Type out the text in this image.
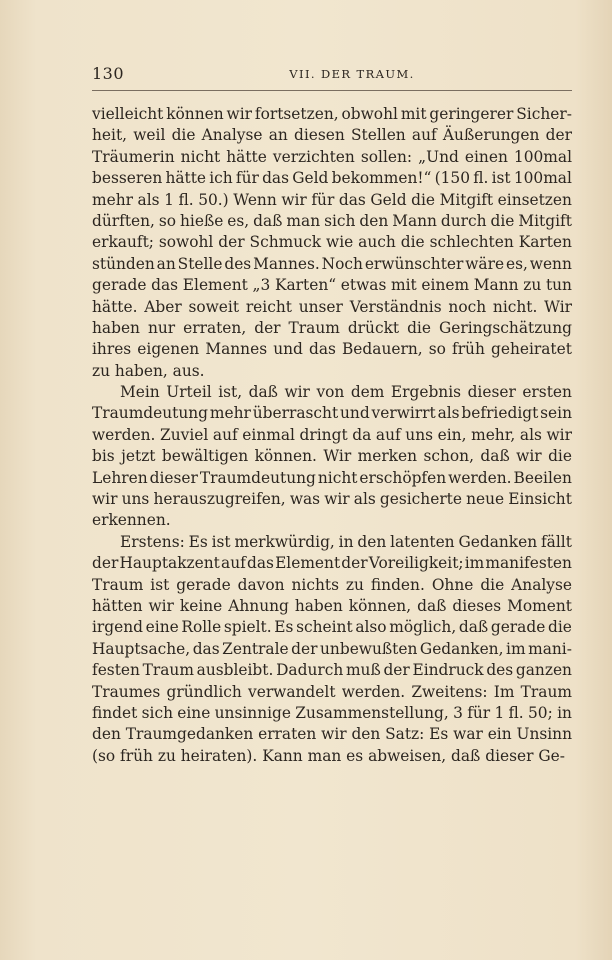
130	VII. DER TRAUM.
vielleicht können wir fortsetzen, obwohl mit geringerer Sicher-
heit, weil die Analyse an diesen Stellen auf Äußerungen der
Träumerin nicht hätte verzichten sollen: „Und einen 100mal
besseren hätte ich für das Geld bekommen!“ (150 fl. ist 100mal
mehr als 1 fl. 50.) Wenn wir für das Geld die Mitgift einsetzen
dürften, so hieße es, daß man sich den Mann durch die Mitgift
erkauft; sowohl der Schmuck wie auch die schlechten Karten
stünden an Stelle des Mannes. Noch erwünschter wäre es, wenn
gerade das Element „3 Karten“ etwas mit einem Mann zu tun
hätte. Aber soweit reicht unser Verständnis noch nicht. Wir
haben nur erraten, der Traum drückt die Geringschätzung
ihres eigenen Mannes und das Bedauern, so früh geheiratet
zu haben, aus.
Mein Urteil ist, daß wir von dem Ergebnis dieser ersten
Traumdeutung mehr überrascht und verwirrt als befriedigt sein
werden. Zuviel auf einmal dringt da auf uns ein, mehr, als wir
bis jetzt bewältigen können. Wir merken schon, daß wir die
Lehren dieser Traumdeutung nicht erschöpfen werden. Beeilen
wir uns herauszugreifen, was wir als gesicherte neue Einsicht
erkennen.
Erstens: Es ist merkwürdig, in den latenten Gedanken fällt
der Hauptakzent auf das Element der Voreiligkeit; im manifesten
Traum ist gerade davon nichts zu finden. Ohne die Analyse
hätten wir keine Ahnung haben können, daß dieses Moment
irgend eine Rolle spielt. Es scheint also möglich, daß gerade die
Hauptsache, das Zentrale der unbewußten Gedanken, im mani-
festen Traum ausbleibt. Dadurch muß der Eindruck des ganzen
Traumes gründlich verwandelt werden. Zweitens: Im Traum
findet sich eine unsinnige Zusammenstellung, 3 für 1 fl. 50; in
den Traumgedanken erraten wir den Satz: Es war ein Unsinn
(so früh zu heiraten). Kann man es abweisen, daß dieser Ge-
